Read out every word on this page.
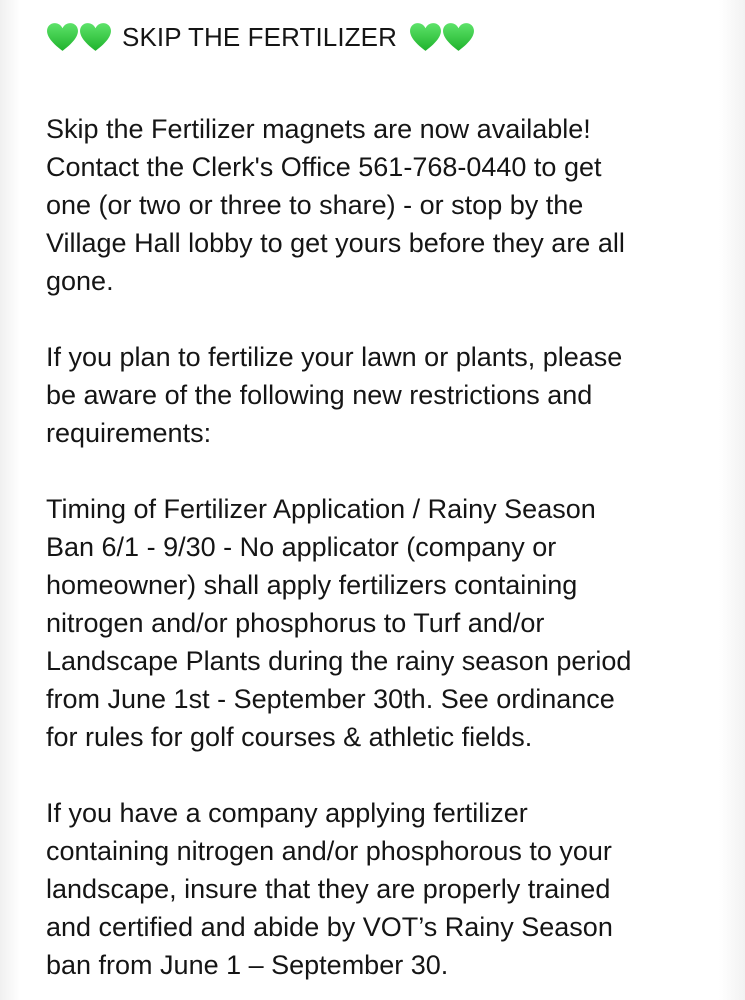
SKIP THE FERTILIZER

Skip the Fertilizer magnets are now available!
Contact the Clerk's Office 561-768-0440 to get
one (or two or three to share) - or stop by the
Village Hall lobby to get yours before they are all
gone.

If you plan to fertilize your lawn or plants, please
be aware of the following new restrictions and
requirements:

Timing of Fertilizer Application / Rainy Season
Ban 6/1 - 9/30 - No applicator (company or
homeowner) shall apply fertilizers containing
nitrogen and/or phosphorus to Turf and/or
Landscape Plants during the rainy season period
from June 1st - September 30th. See ordinance
for rules for golf courses & athletic fields.

If you have a company applying fertilizer
containing nitrogen and/or phosphorous to your
landscape, insure that they are properly trained
and certified and abide by VOT’s Rainy Season
ban from June 1 – September 30.
